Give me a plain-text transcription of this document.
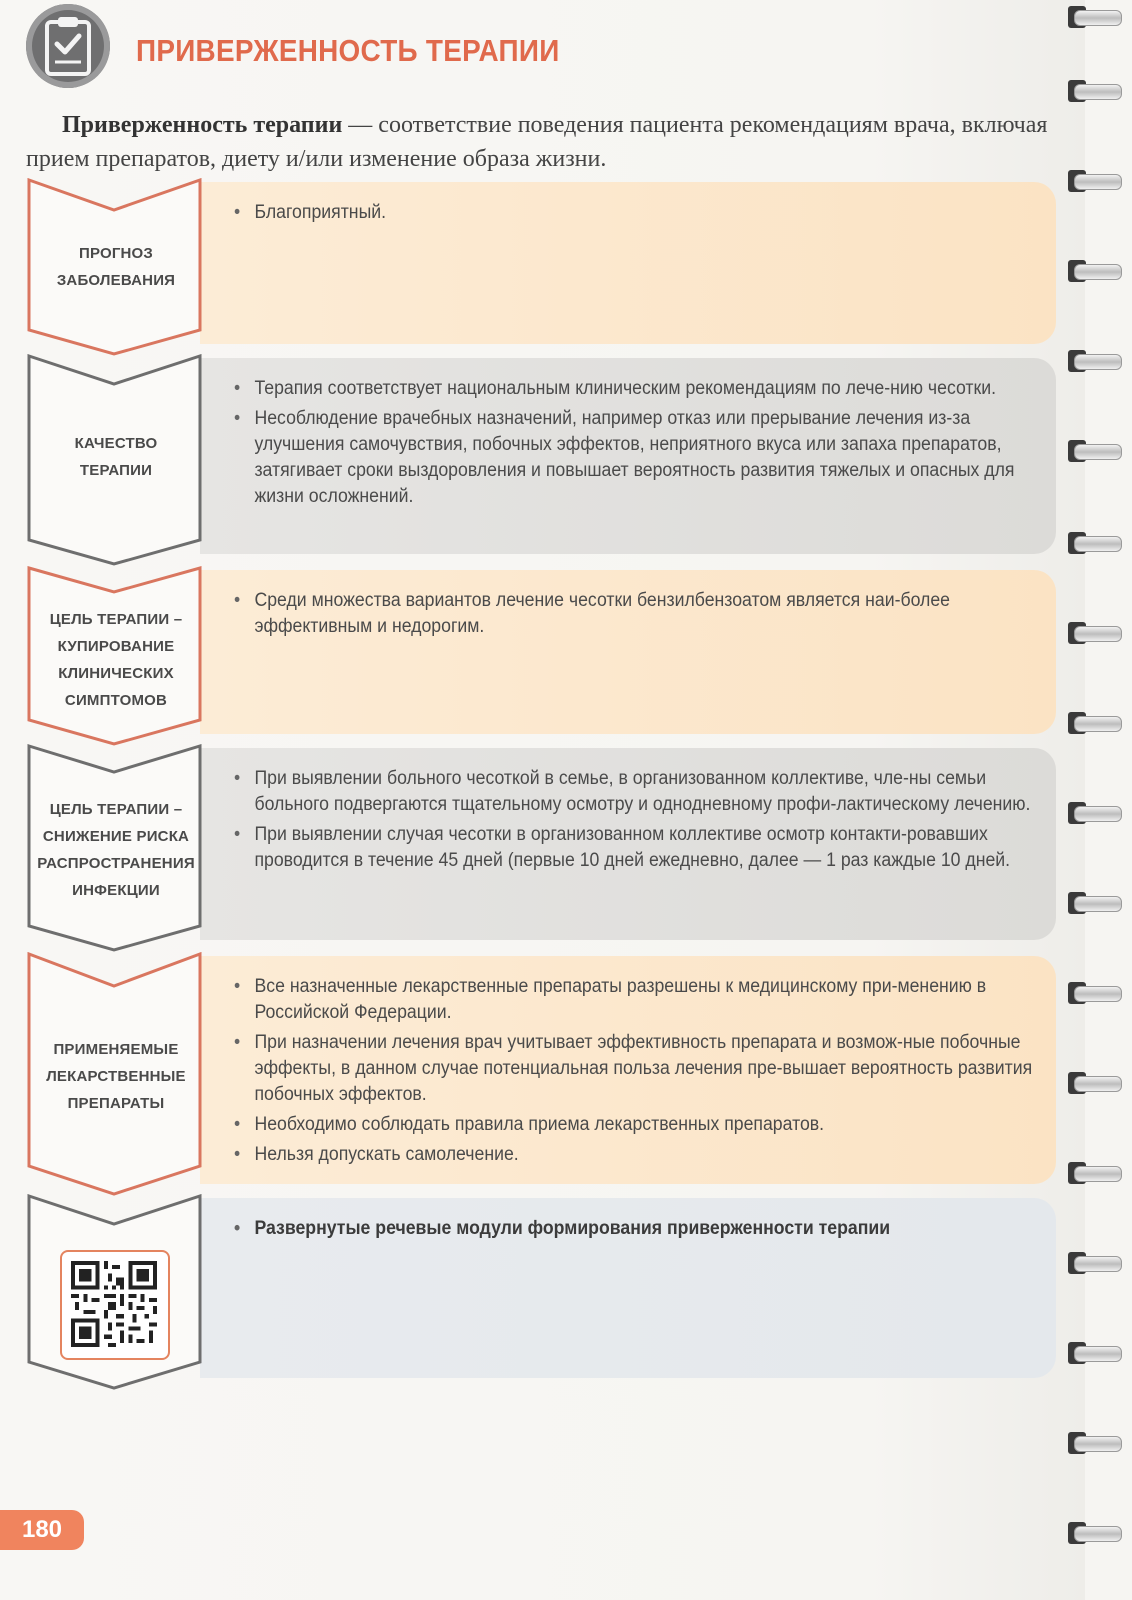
ПРИВЕРЖЕННОСТЬ ТЕРАПИИ
Приверженность терапии — соответствие поведения пациента рекомендациям врача, включая прием препаратов, диету и/или изменение образа жизни.
• Благоприятный.
ПРОГНОЗ
ЗАБОЛЕВАНИЯ
• Терапия соответствует национальным клиническим рекомендациям по лече-нию чесотки.
• Несоблюдение врачебных назначений, например отказ или прерывание лечения из-за улучшения самочувствия, побочных эффектов, неприятного вкуса или запаха препаратов, затягивает сроки выздоровления и повышает вероятность развития тяжелых и опасных для жизни осложнений.
КАЧЕСТВО
ТЕРАПИИ
• Среди множества вариантов лечение чесотки бензилбензоатом является наи-более эффективным и недорогим.
ЦЕЛЬ ТЕРАПИИ –
КУПИРОВАНИЕ
КЛИНИЧЕСКИХ
СИМПТОМОВ
• При выявлении больного чесоткой в семье, в организованном коллективе, чле-ны семьи больного подвергаются тщательному осмотру и однодневному профи-лактическому лечению.
• При выявлении случая чесотки в организованном коллективе осмотр контакти-ровавших проводится в течение 45 дней (первые 10 дней ежедневно, далее — 1 раз каждые 10 дней.
ЦЕЛЬ ТЕРАПИИ –
СНИЖЕНИЕ РИСКА
РАСПРОСТРАНЕНИЯ
ИНФЕКЦИИ
• Все назначенные лекарственные препараты разрешены к медицинскому при-менению в Российской Федерации.
• При назначении лечения врач учитывает эффективность препарата и возмож-ные побочные эффекты, в данном случае потенциальная польза лечения пре-вышает вероятность развития побочных эффектов.
• Необходимо соблюдать правила приема лекарственных препаратов.
• Нельзя допускать самолечение.
ПРИМЕНЯЕМЫЕ
ЛЕКАРСТВЕННЫЕ
ПРЕПАРАТЫ
• Развернутые речевые модули формирования приверженности терапии
180
